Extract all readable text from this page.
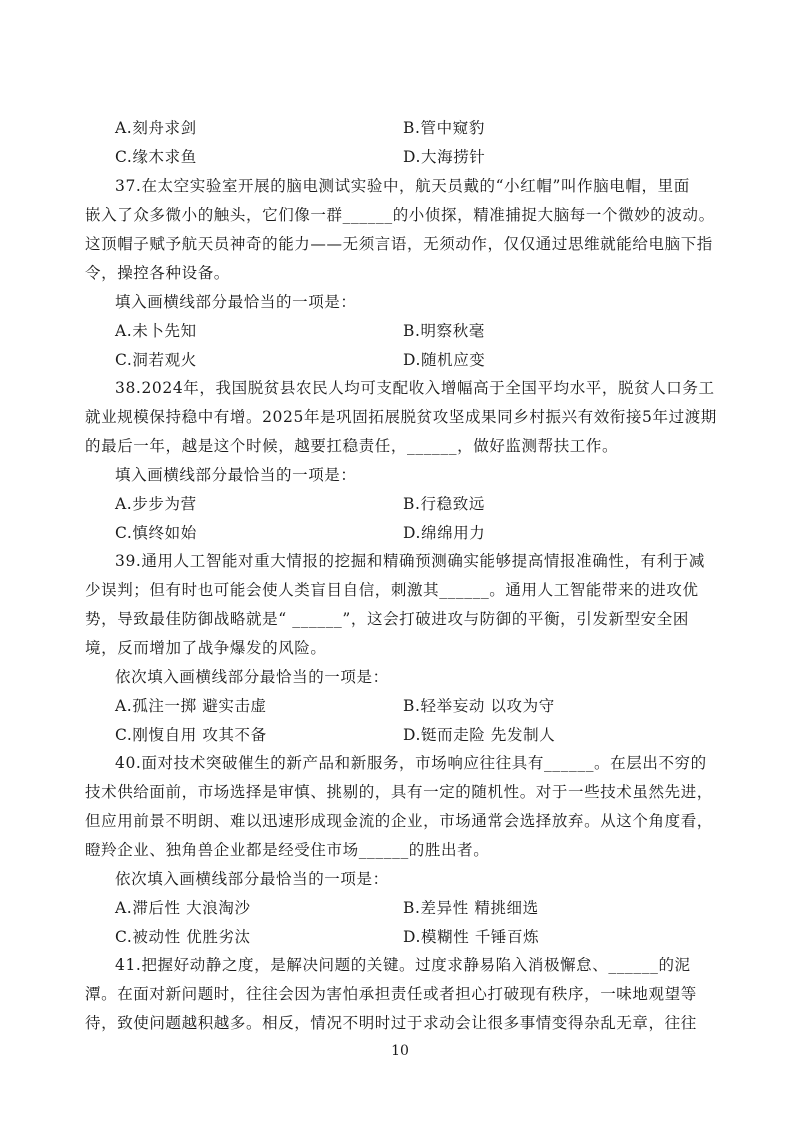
A.刻舟求剑	B.管中窥豹
C.缘木求鱼	D.大海捞针
37.在太空实验室开展的脑电测试实验中，航天员戴的“小红帽”叫作脑电帽，里面
嵌入了众多微小的触头，它们像一群______的小侦探，精准捕捉大脑每一个微妙的波动。
这顶帽子赋予航天员神奇的能力——无须言语，无须动作，仅仅通过思维就能给电脑下指
令，操控各种设备。
填入画横线部分最恰当的一项是：
A.未卜先知	B.明察秋毫
C.洞若观火	D.随机应变
38.2024年，我国脱贫县农民人均可支配收入增幅高于全国平均水平，脱贫人口务工
就业规模保持稳中有增。2025年是巩固拓展脱贫攻坚成果同乡村振兴有效衔接5年过渡期
的最后一年，越是这个时候，越要扛稳责任，______，做好监测帮扶工作。
填入画横线部分最恰当的一项是：
A.步步为营	B.行稳致远
C.慎终如始	D.绵绵用力
39.通用人工智能对重大情报的挖掘和精确预测确实能够提高情报准确性，有利于减
少误判；但有时也可能会使人类盲目自信，刺激其______。通用人工智能带来的进攻优
势，导致最佳防御战略就是“ ______”，这会打破进攻与防御的平衡，引发新型安全困
境，反而增加了战争爆发的风险。
依次填入画横线部分最恰当的一项是：
A.孤注一掷 避实击虚	B.轻举妄动 以攻为守
C.刚愎自用 攻其不备	D.铤而走险 先发制人
40.面对技术突破催生的新产品和新服务，市场响应往往具有______。在层出不穷的
技术供给面前，市场选择是审慎、挑剔的，具有一定的随机性。对于一些技术虽然先进，
但应用前景不明朗、难以迅速形成现金流的企业，市场通常会选择放弃。从这个角度看，
瞪羚企业、独角兽企业都是经受住市场______的胜出者。
依次填入画横线部分最恰当的一项是：
A.滞后性 大浪淘沙	B.差异性 精挑细选
C.被动性 优胜劣汰	D.模糊性 千锤百炼
41.把握好动静之度，是解决问题的关键。过度求静易陷入消极懈怠、______的泥
潭。在面对新问题时，往往会因为害怕承担责任或者担心打破现有秩序，一味地观望等
待，致使问题越积越多。相反，情况不明时过于求动会让很多事情变得杂乱无章，往往
10
